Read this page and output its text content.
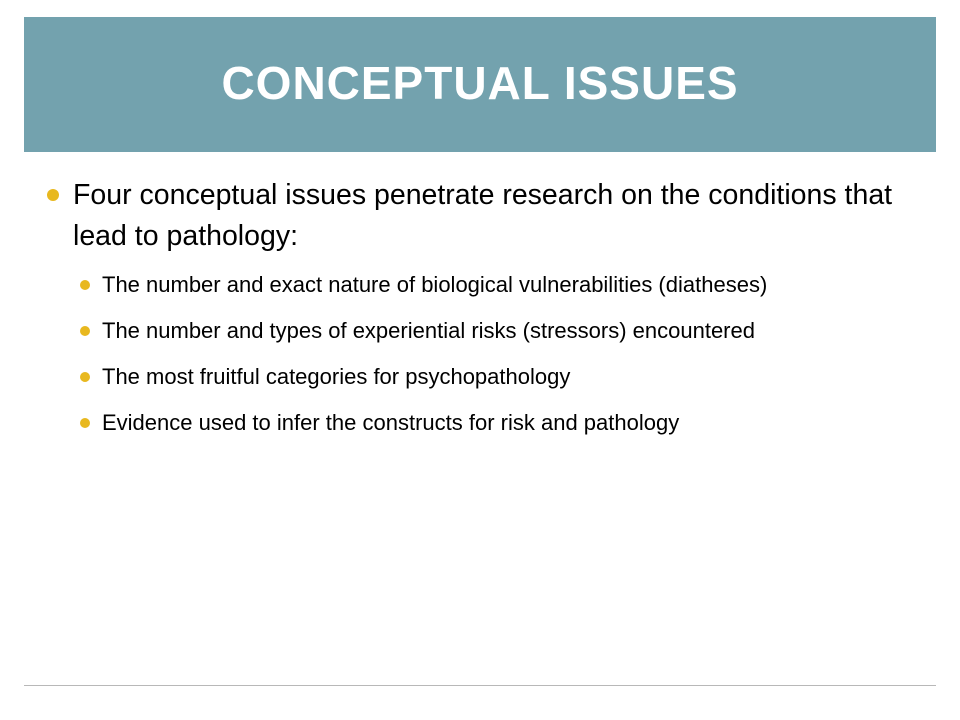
CONCEPTUAL ISSUES
Four conceptual issues penetrate research on the conditions that lead to pathology:
The number and exact nature of biological vulnerabilities (diatheses)
The number and types of experiential risks (stressors) encountered
The most fruitful categories for psychopathology
Evidence used to infer the constructs for risk and pathology
